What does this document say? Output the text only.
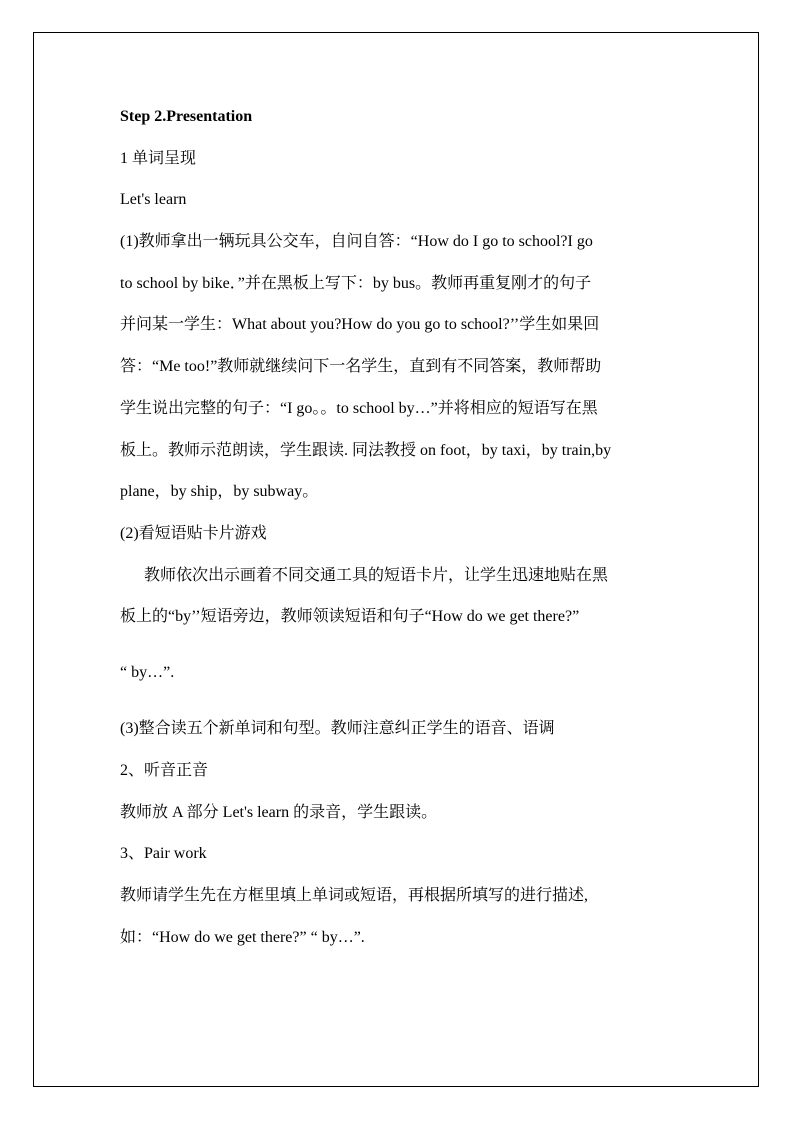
Step 2.Presentation
1 单词呈现
Let's learn
(1)教师拿出一辆玩具公交车，自问自答：“How do I go to school?I go
to school by bike．”并在黑板上写下：by bus。教师再重复刚才的句子
并问某一学生：What about you?How do you go to school?’’学生如果回
答：“Me too!”教师就继续问下一名学生，直到有不同答案，教师帮助
学生说出完整的句子：“I go。。to school by…”并将相应的短语写在黑
板上。教师示范朗读，学生跟读. 同法教授 on foot，by taxi，by train,by
plane，by ship，by subway。
(2)看短语贴卡片游戏
教师依次出示画着不同交通工具的短语卡片，让学生迅速地贴在黑
板上的“by’’短语旁边，教师领读短语和句子“How do we get there?”
“ by…”.
(3)整合读五个新单词和句型。教师注意纠正学生的语音、语调
2、听音正音
教师放 A 部分 Let's learn 的录音，学生跟读。
3、Pair work
教师请学生先在方框里填上单词或短语，再根据所填写的进行描述,
如：“How do we get there?” “ by…”.
